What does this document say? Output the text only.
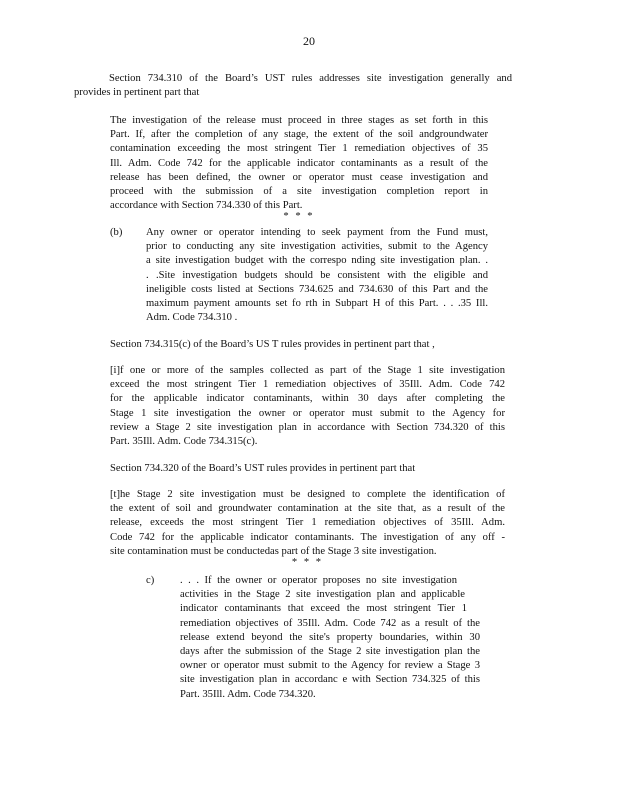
20
Section 734.310 of the Board’s UST rules addresses site investigation generally and
provides in pertinent part that
The investigation of the release must proceed in three stages as set forth in this
Part. If, after the completion of any stage, the extent of the soil andgroundwater
contamination exceeding the most stringent Tier 1 remediation objectives of 35
Ill. Adm. Code 742 for the applicable indicator contaminants as a result of the
release has been defined, the owner or operator must cease investigation and
proceed with the submission of a site investigation completion report in
accordance with Section 734.330 of this Part.
* * *
(b) Any owner or operator intending to seek payment from the Fund must,
prior to conducting any site investigation activities, submit to the Agency
a site investigation budget with the correspo nding site investigation plan. .
. .Site investigation budgets should be consistent with the eligible and
ineligible costs listed at Sections 734.625 and 734.630 of this Part and the
maximum payment amounts set fo rth in Subpart H of this Part. . . .35 Ill.
Adm. Code 734.310 .
Section 734.315(c) of the Board’s US T rules provides in pertinent part that ,
[i]f one or more of the samples collected as part of the Stage 1 site investigation
exceed the most stringent Tier 1 remediation objectives of 35Ill. Adm. Code 742
for the applicable indicator contaminants, within 30 days after completing the
Stage 1 site investigation the owner or operator must submit to the Agency for
review a Stage 2 site investigation plan in accordance with Section 734.320 of this
Part. 35Ill. Adm. Code 734.315(c).
Section 734.320 of the Board’s UST rules provides in pertinent part that
[t]he Stage 2 site investigation must be designed to complete the identification of
the extent of soil and groundwater contamination at the site that, as a result of the
release, exceeds the most stringent Tier 1 remediation objectives of 35Ill. Adm.
Code 742 for the applicable indicator contaminants. The investigation of any off -
site contamination must be conductedas part of the Stage 3 site investigation.
* * *
c) . . . If the owner or operator proposes no site investigation
activities in the Stage 2 site investigation plan and applicable
indicator contaminants that exceed the most stringent Tier 1
remediation objectives of 35Ill. Adm. Code 742 as a result of the
release extend beyond the site's property boundaries, within 30
days after the submission of the Stage 2 site investigation plan the
owner or operator must submit to the Agency for review a Stage 3
site investigation plan in accordanc e with Section 734.325 of this
Part. 35Ill. Adm. Code 734.320.
